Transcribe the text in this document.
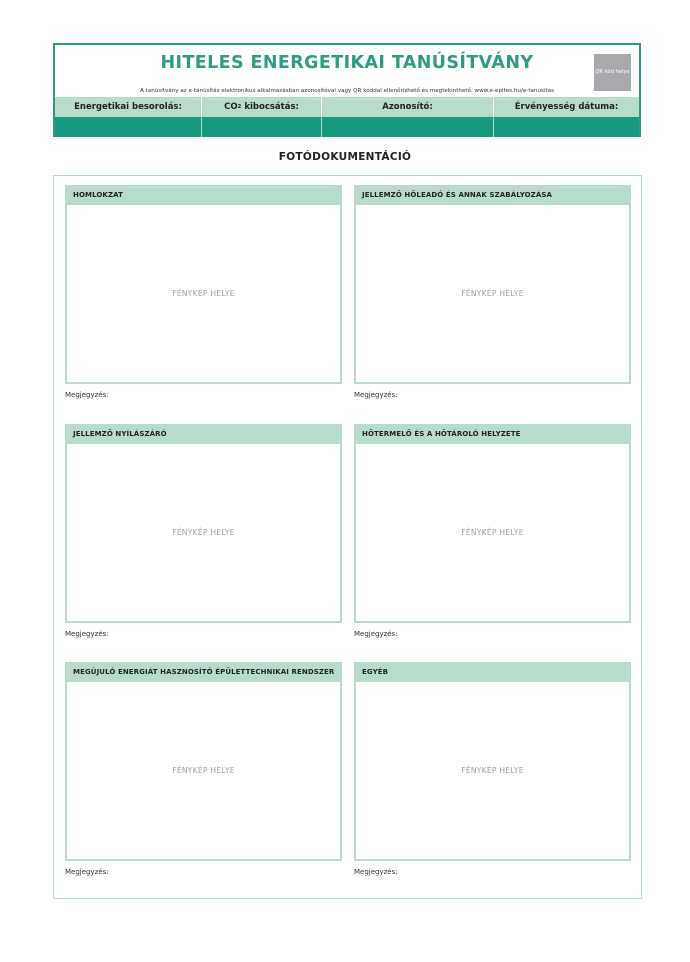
HITELES ENERGETIKAI TANÚSÍTVÁNY
A tanúsítvány az e-tanúsítás elektronikus alkalmazásban azonosítóval vagy QR kóddal ellenőrizhető és megtekinthető. www.e-epites.hu/e-tanusitas
QR kód helye
Energetikai besorolás:	CO 2 kibocsátás:	Azonosító:	Érvényesség dátuma:
FOTÓDOKUMENTÁCIÓ
HOMLOKZAT
FÉNYKÉP HELYE
Megjegyzés:
JELLEMZŐ HŐLEADÓ ÉS ANNAK SZABÁLYOZÁSA
FÉNYKÉP HELYE
Megjegyzés:
JELLEMZŐ NYÍLÁSZÁRÓ
FÉNYKÉP HELYE
Megjegyzés:
HŐTERMELŐ ÉS A HŐTÁROLÓ HELYZETE
FÉNYKÉP HELYE
Megjegyzés:
MEGÚJULÓ ENERGIÁT HASZNOSÍTÓ ÉPÜLETTECHNIKAI RENDSZER
FÉNYKÉP HELYE
Megjegyzés:
EGYÉB
FÉNYKÉP HELYE
Megjegyzés:
